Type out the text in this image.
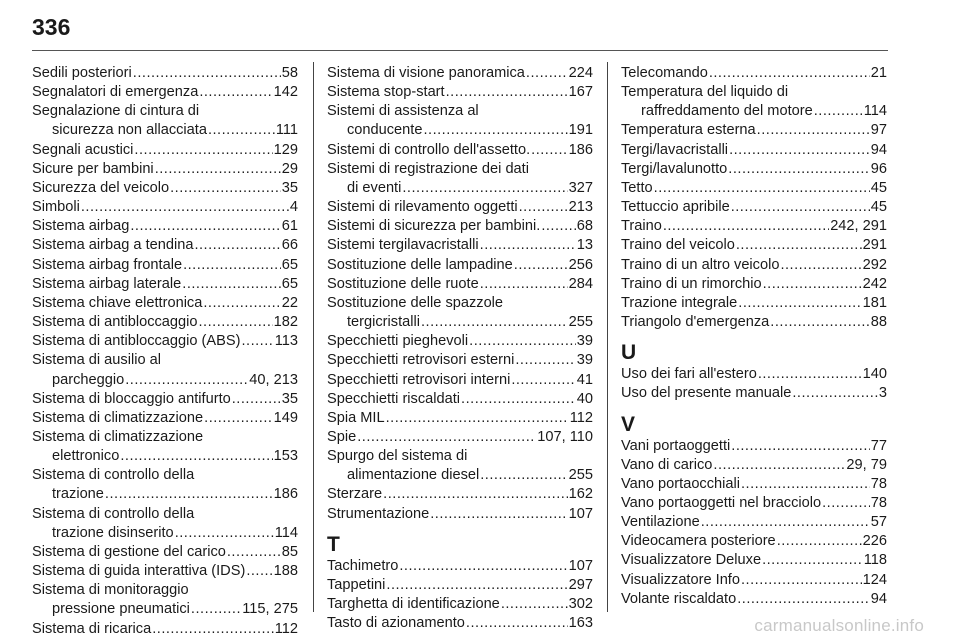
336
Sedili posteriori .....	58
Segnalatori di emergenza .....	142
Segnalazione di cintura di
sicurezza non allacciata .....	111
Segnali acustici .....	129
Sicure per bambini .....	29
Sicurezza del veicolo .....	35
Simboli .....	4
Sistema airbag .....	61
Sistema airbag a tendina .....	66
Sistema airbag frontale .....	65
Sistema airbag laterale .....	65
Sistema chiave elettronica .....	22
Sistema di antibloccaggio .....	182
Sistema di antibloccaggio (ABS) ..... 113
Sistema di ausilio al
parcheggio .....	40, 213
Sistema di bloccaggio antifurto .....	35
Sistema di climatizzazione .....	149
Sistema di climatizzazione
elettronico .....	153
Sistema di controllo della
trazione .....	186
Sistema di controllo della
trazione disinserito .....	114
Sistema di gestione del carico .....	85
Sistema di guida interattiva (IDS) ..... 188
Sistema di monitoraggio
pressione pneumatici .....	115, 275
Sistema di ricarica .....	112
Sistema di visione panoramica .....	224
Sistema stop-start .....	167
Sistemi di assistenza al
conducente .....	191
Sistemi di controllo dell'assetto. .....	186
Sistemi di registrazione dei dati
di eventi .....	327
Sistemi di rilevamento oggetti .....	213
Sistemi di sicurezza per bambini. ..... 68
Sistemi tergilavacristalli .....	13
Sostituzione delle lampadine .....	256
Sostituzione delle ruote .....	284
Sostituzione delle spazzole
tergicristalli .....	255
Specchietti pieghevoli .....	39
Specchietti retrovisori esterni .....	39
Specchietti retrovisori interni .....	41
Specchietti riscaldati .....	40
Spia MIL .....	112
Spie .....	107, 110
Spurgo del sistema di
alimentazione diesel .....	255
Sterzare .....	162
Strumentazione .....	107
T
Tachimetro .....	107
Tappetini .....	297
Targhetta di identificazione .....	302
Tasto di azionamento .....	163
Telecomando .....	21
Temperatura del liquido di
raffreddamento del motore .....	114
Temperatura esterna .....	97
Tergi/lavacristalli .....	94
Tergi/lavalunotto .....	96
Tetto .....	45
Tettuccio apribile .....	45
Traino .....	242, 291
Traino del veicolo .....	291
Traino di un altro veicolo .....	292
Traino di un rimorchio .....	242
Trazione integrale .....	181
Triangolo d'emergenza .....	88
U
Uso dei fari all'estero .....	140
Uso del presente manuale .....	3
V
Vani portaoggetti .....	77
Vano di carico .....	29, 79
Vano portaocchiali .....	78
Vano portaoggetti nel bracciolo .....	78
Ventilazione .....	57
Videocamera posteriore .....	226
Visualizzatore Deluxe .....	118
Visualizzatore Info .....	124
Volante riscaldato .....	94
carmanualsonline.info
